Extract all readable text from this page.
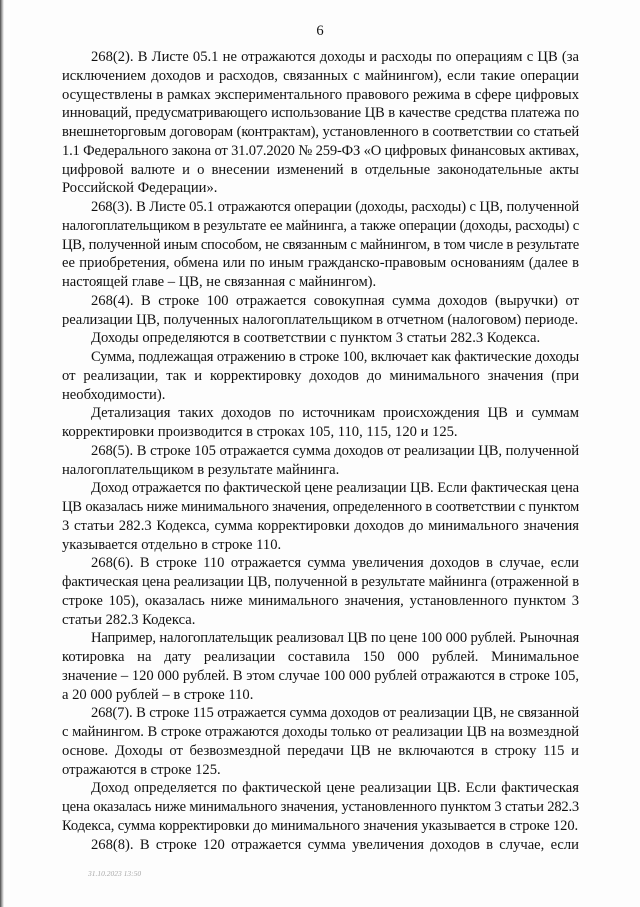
6
268(2). В Листе 05.1 не отражаются доходы и расходы по операциям с ЦВ (за
исключением доходов и расходов, связанных с майнингом), если такие операции
осуществлены в рамках экспериментального правового режима в сфере цифровых
инноваций, предусматривающего использование ЦВ в качестве средства платежа по
внешнеторговым договорам (контрактам), установленного в соответствии со статьей
1.1 Федерального закона от 31.07.2020 № 259-ФЗ «О цифровых финансовых активах,
цифровой валюте и о внесении изменений в отдельные законодательные акты
Российской Федерации».
268(3). В Листе 05.1 отражаются операции (доходы, расходы) с ЦВ, полученной
налогоплательщиком в результате ее майнинга, а также операции (доходы, расходы) с
ЦВ, полученной иным способом, не связанным с майнингом, в том числе в результате
ее приобретения, обмена или по иным гражданско-правовым основаниям (далее в
настоящей главе – ЦВ, не связанная с майнингом).
268(4). В строке 100 отражается совокупная сумма доходов (выручки) от
реализации ЦВ, полученных налогоплательщиком в отчетном (налоговом) периоде.
Доходы определяются в соответствии с пунктом 3 статьи 282.3 Кодекса.
Сумма, подлежащая отражению в строке 100, включает как фактические доходы
от реализации, так и корректировку доходов до минимального значения (при
необходимости).
Детализация таких доходов по источникам происхождения ЦВ и суммам
корректировки производится в строках 105, 110, 115, 120 и 125.
268(5). В строке 105 отражается сумма доходов от реализации ЦВ, полученной
налогоплательщиком в результате майнинга.
Доход отражается по фактической цене реализации ЦВ. Если фактическая цена
ЦВ оказалась ниже минимального значения, определенного в соответствии с пунктом
3 статьи 282.3 Кодекса, сумма корректировки доходов до минимального значения
указывается отдельно в строке 110.
268(6). В строке 110 отражается сумма увеличения доходов в случае, если
фактическая цена реализации ЦВ, полученной в результате майнинга (отраженной в
строке 105), оказалась ниже минимального значения, установленного пунктом 3
статьи 282.3 Кодекса.
Например, налогоплательщик реализовал ЦВ по цене 100 000 рублей. Рыночная
котировка на дату реализации составила 150 000 рублей. Минимальное
значение – 120 000 рублей. В этом случае 100 000 рублей отражаются в строке 105,
а 20 000 рублей – в строке 110.
268(7). В строке 115 отражается сумма доходов от реализации ЦВ, не связанной
с майнингом. В строке отражаются доходы только от реализации ЦВ на возмездной
основе. Доходы от безвозмездной передачи ЦВ не включаются в строку 115 и
отражаются в строке 125.
Доход определяется по фактической цене реализации ЦВ. Если фактическая
цена оказалась ниже минимального значения, установленного пунктом 3 статьи 282.3
Кодекса, сумма корректировки до минимального значения указывается в строке 120.
268(8). В строке 120 отражается сумма увеличения доходов в случае, если
31.10.2023 13:50
